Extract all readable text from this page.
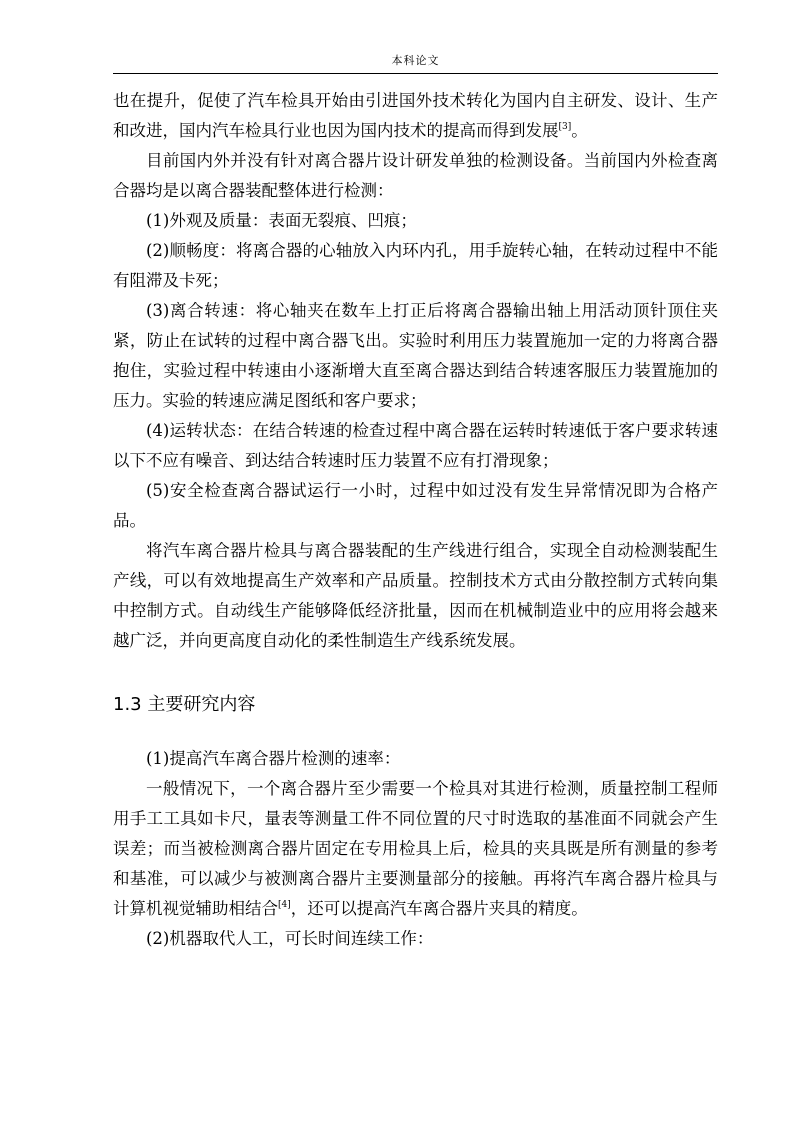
本科论文

也在提升，促使了汽车检具开始由引进国外技术转化为国内自主研发、设计、生产和改进，国内汽车检具行业也因为国内技术的提高而得到发展[3]。

目前国内外并没有针对离合器片设计研发单独的检测设备。当前国内外检查离合器均是以离合器装配整体进行检测：

(1)外观及质量：表面无裂痕、凹痕；

(2)顺畅度：将离合器的心轴放入内环内孔，用手旋转心轴，在转动过程中不能有阻滞及卡死；

(3)离合转速：将心轴夹在数车上打正后将离合器输出轴上用活动顶针顶住夹紧，防止在试转的过程中离合器飞出。实验时利用压力装置施加一定的力将离合器抱住，实验过程中转速由小逐渐增大直至离合器达到结合转速客服压力装置施加的压力。实验的转速应满足图纸和客户要求；

(4)运转状态：在结合转速的检查过程中离合器在运转时转速低于客户要求转速以下不应有噪音、到达结合转速时压力装置不应有打滑现象；

(5)安全检查离合器试运行一小时，过程中如过没有发生异常情况即为合格产品。

将汽车离合器片检具与离合器装配的生产线进行组合，实现全自动检测装配生产线，可以有效地提高生产效率和产品质量。控制技术方式由分散控制方式转向集中控制方式。自动线生产能够降低经济批量，因而在机械制造业中的应用将会越来越广泛，并向更高度自动化的柔性制造生产线系统发展。

1.3 主要研究内容

(1)提高汽车离合器片检测的速率：

一般情况下，一个离合器片至少需要一个检具对其进行检测，质量控制工程师用手工工具如卡尺，量表等测量工件不同位置的尺寸时选取的基准面不同就会产生误差；而当被检测离合器片固定在专用检具上后，检具的夹具既是所有测量的参考和基准，可以减少与被测离合器片主要测量部分的接触。再将汽车离合器片检具与计算机视觉辅助相结合[4]，还可以提高汽车离合器片夹具的精度。

(2)机器取代人工，可长时间连续工作：
